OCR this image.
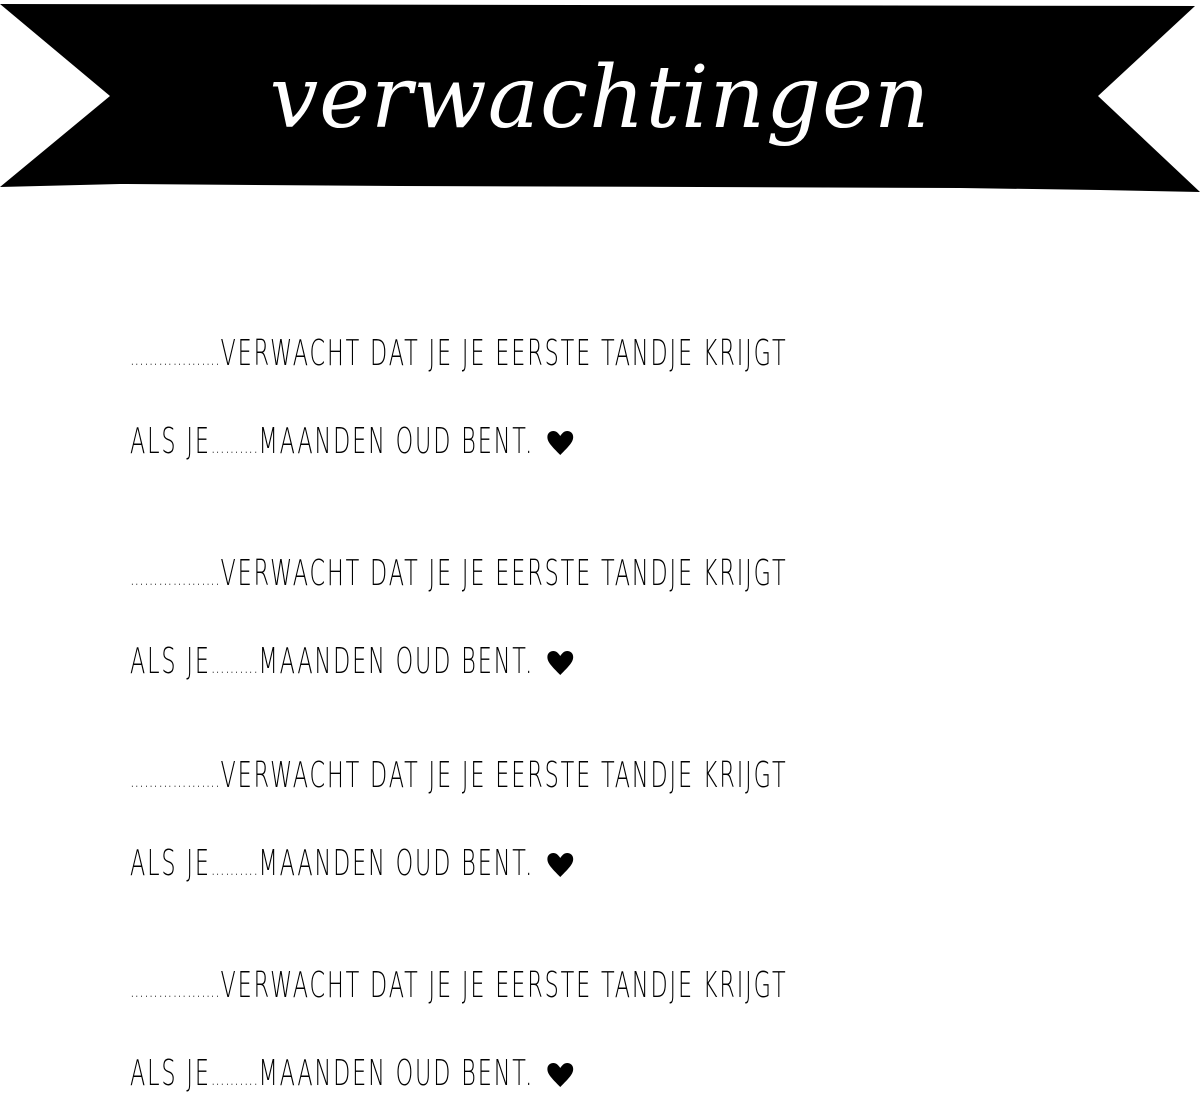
verwachtingen
……………….VERWACHT DAT JE JE EERSTE TANDJE KRIJGT
ALS JE……….MAANDEN OUD BENT.
……………….VERWACHT DAT JE JE EERSTE TANDJE KRIJGT
ALS JE……….MAANDEN OUD BENT.
……………….VERWACHT DAT JE JE EERSTE TANDJE KRIJGT
ALS JE……….MAANDEN OUD BENT.
……………….VERWACHT DAT JE JE EERSTE TANDJE KRIJGT
ALS JE……….MAANDEN OUD BENT.
